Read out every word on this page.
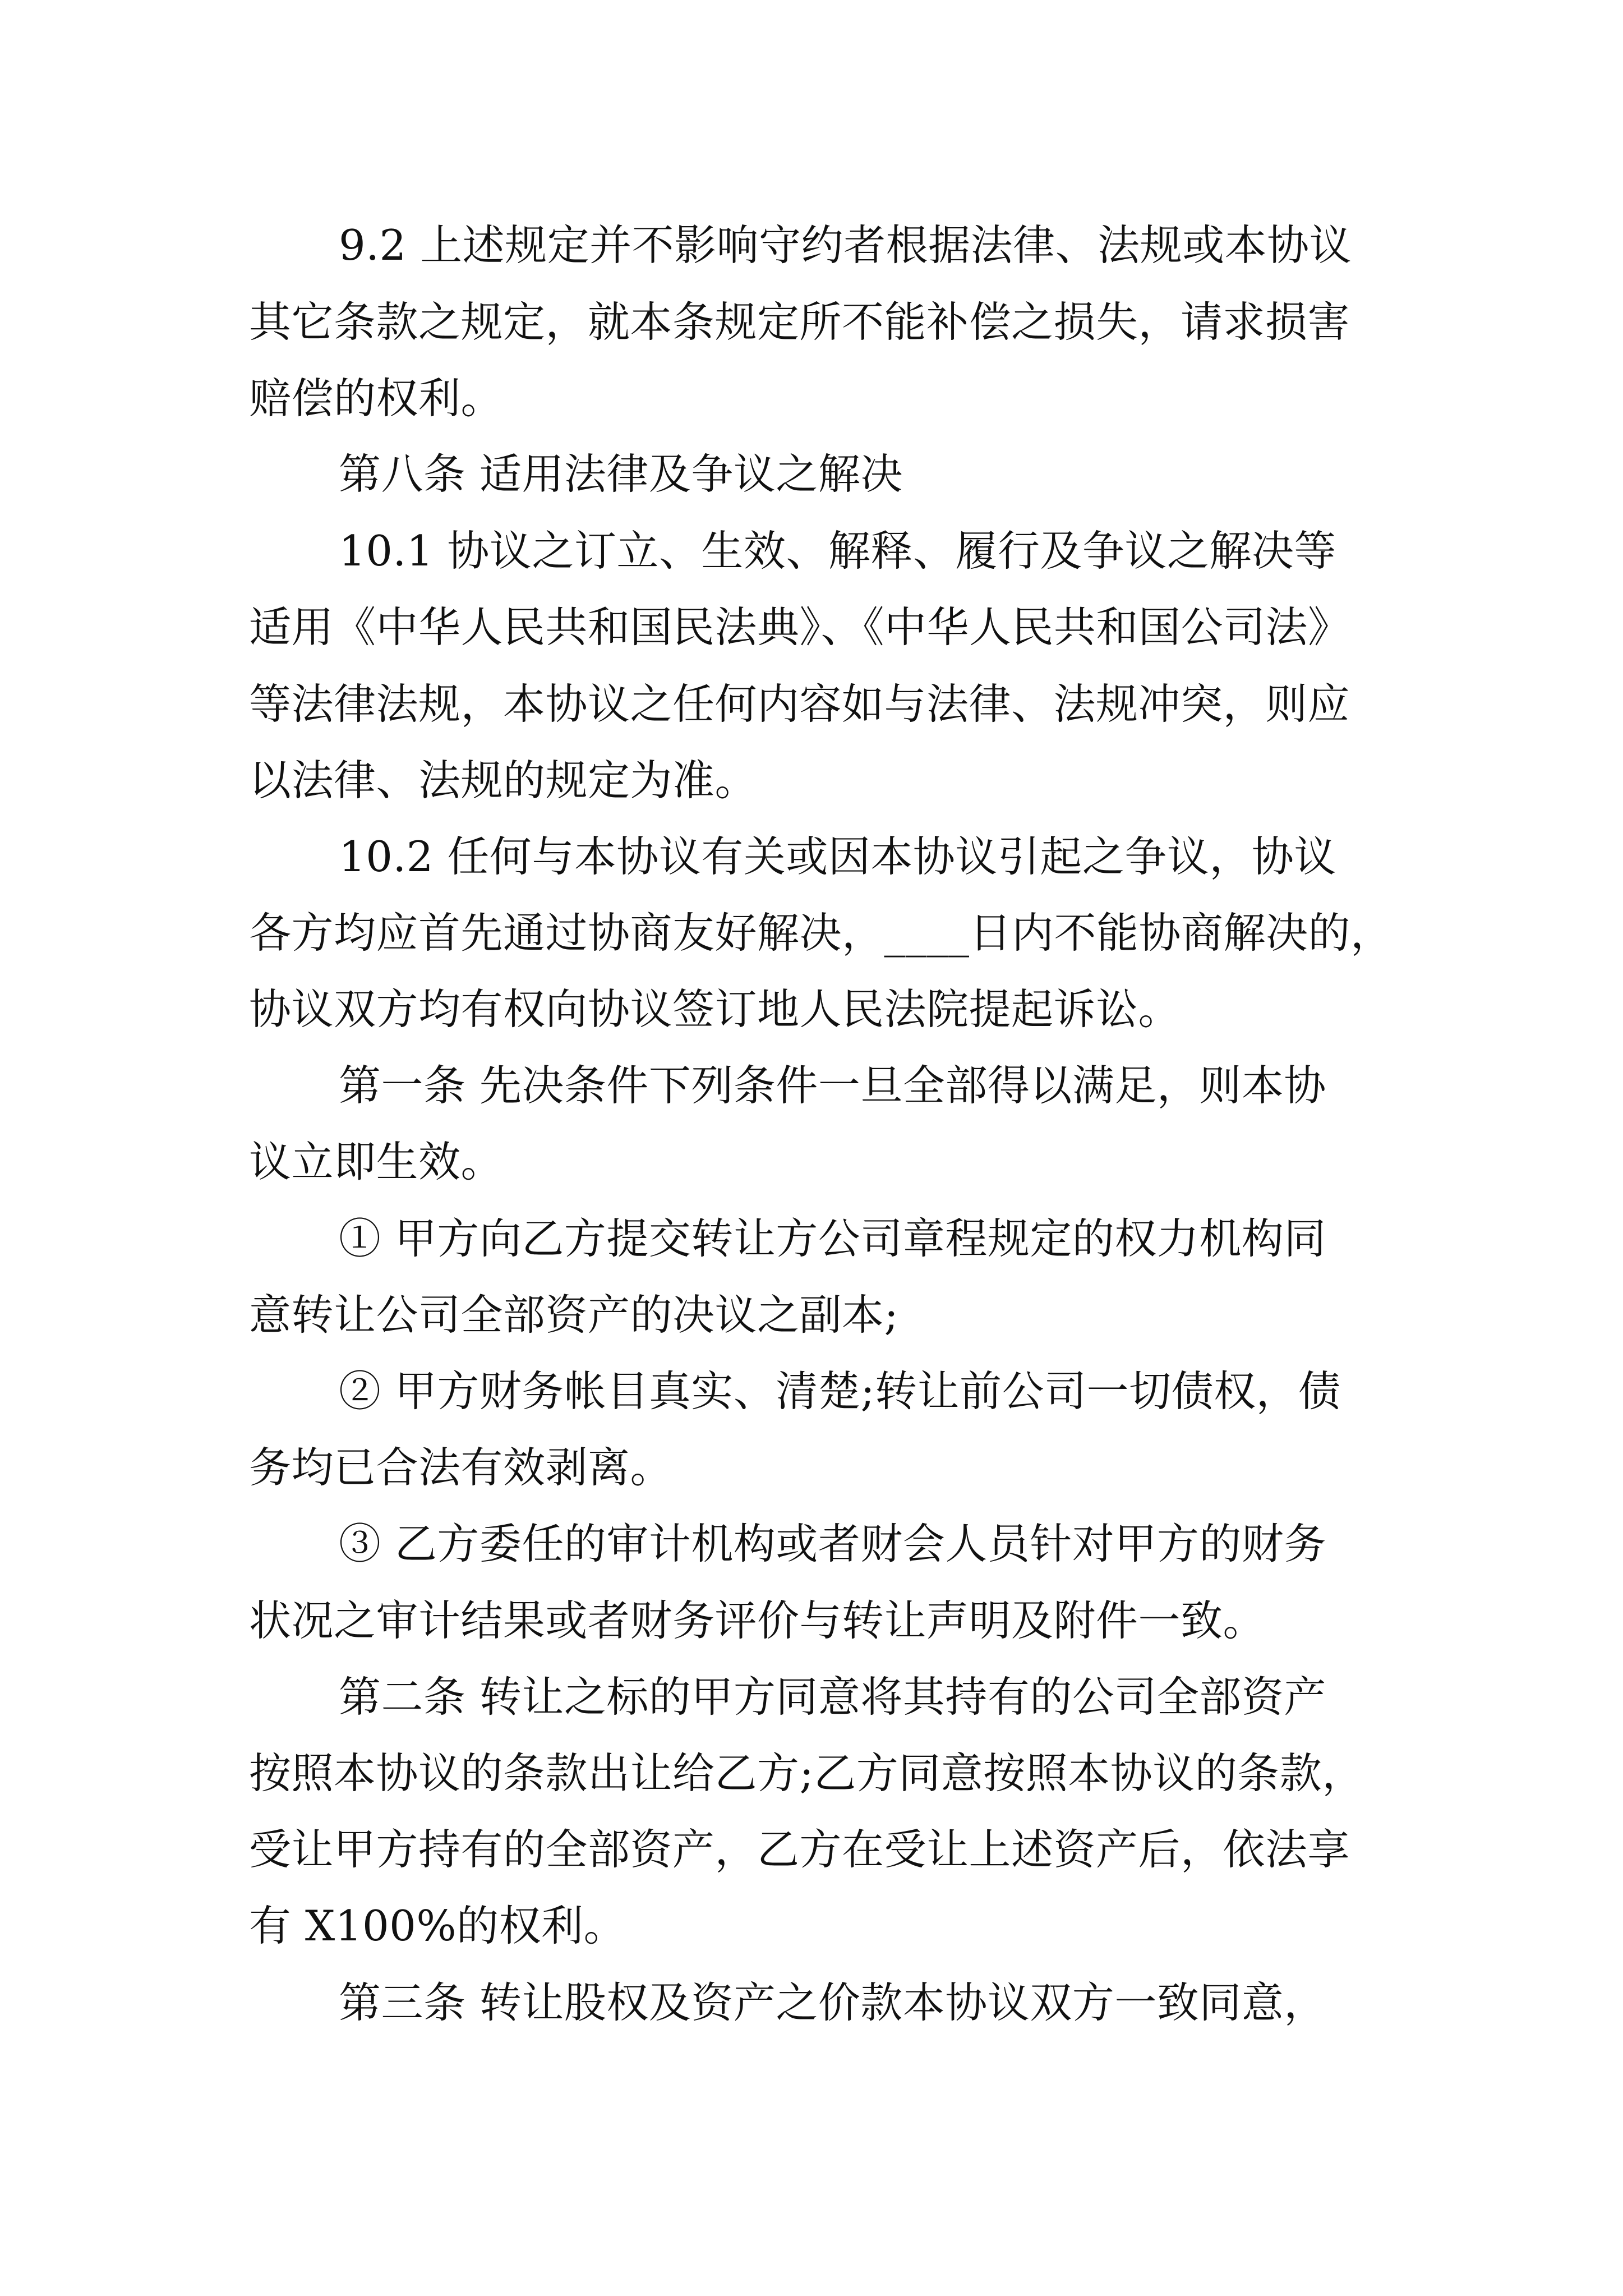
9.2 上述规定并不影响守约者根据法律、法规或本协议
其它条款之规定，就本条规定所不能补偿之损失，请求损害
赔偿的权利。
第八条 适用法律及争议之解决
10.1 协议之订立、生效、解释、履行及争议之解决等
适用《中华人民共和国民法典》、《中华人民共和国公司法》
等法律法规，本协议之任何内容如与法律、法规冲突，则应
以法律、法规的规定为准。
10.2 任何与本协议有关或因本协议引起之争议，协议
各方均应首先通过协商友好解决，____日内不能协商解决的，
协议双方均有权向协议签订地人民法院提起诉讼。
第一条 先决条件下列条件一旦全部得以满足，则本协
议立即生效。
① 甲方向乙方提交转让方公司章程规定的权力机构同
意转让公司全部资产的决议之副本;
② 甲方财务帐目真实、清楚;转让前公司一切债权，债
务均已合法有效剥离。
③ 乙方委任的审计机构或者财会人员针对甲方的财务
状况之审计结果或者财务评价与转让声明及附件一致。
第二条 转让之标的甲方同意将其持有的公司全部资产
按照本协议的条款出让给乙方;乙方同意按照本协议的条款，
受让甲方持有的全部资产，乙方在受让上述资产后，依法享
有 X100%的权利。
第三条 转让股权及资产之价款本协议双方一致同意，
